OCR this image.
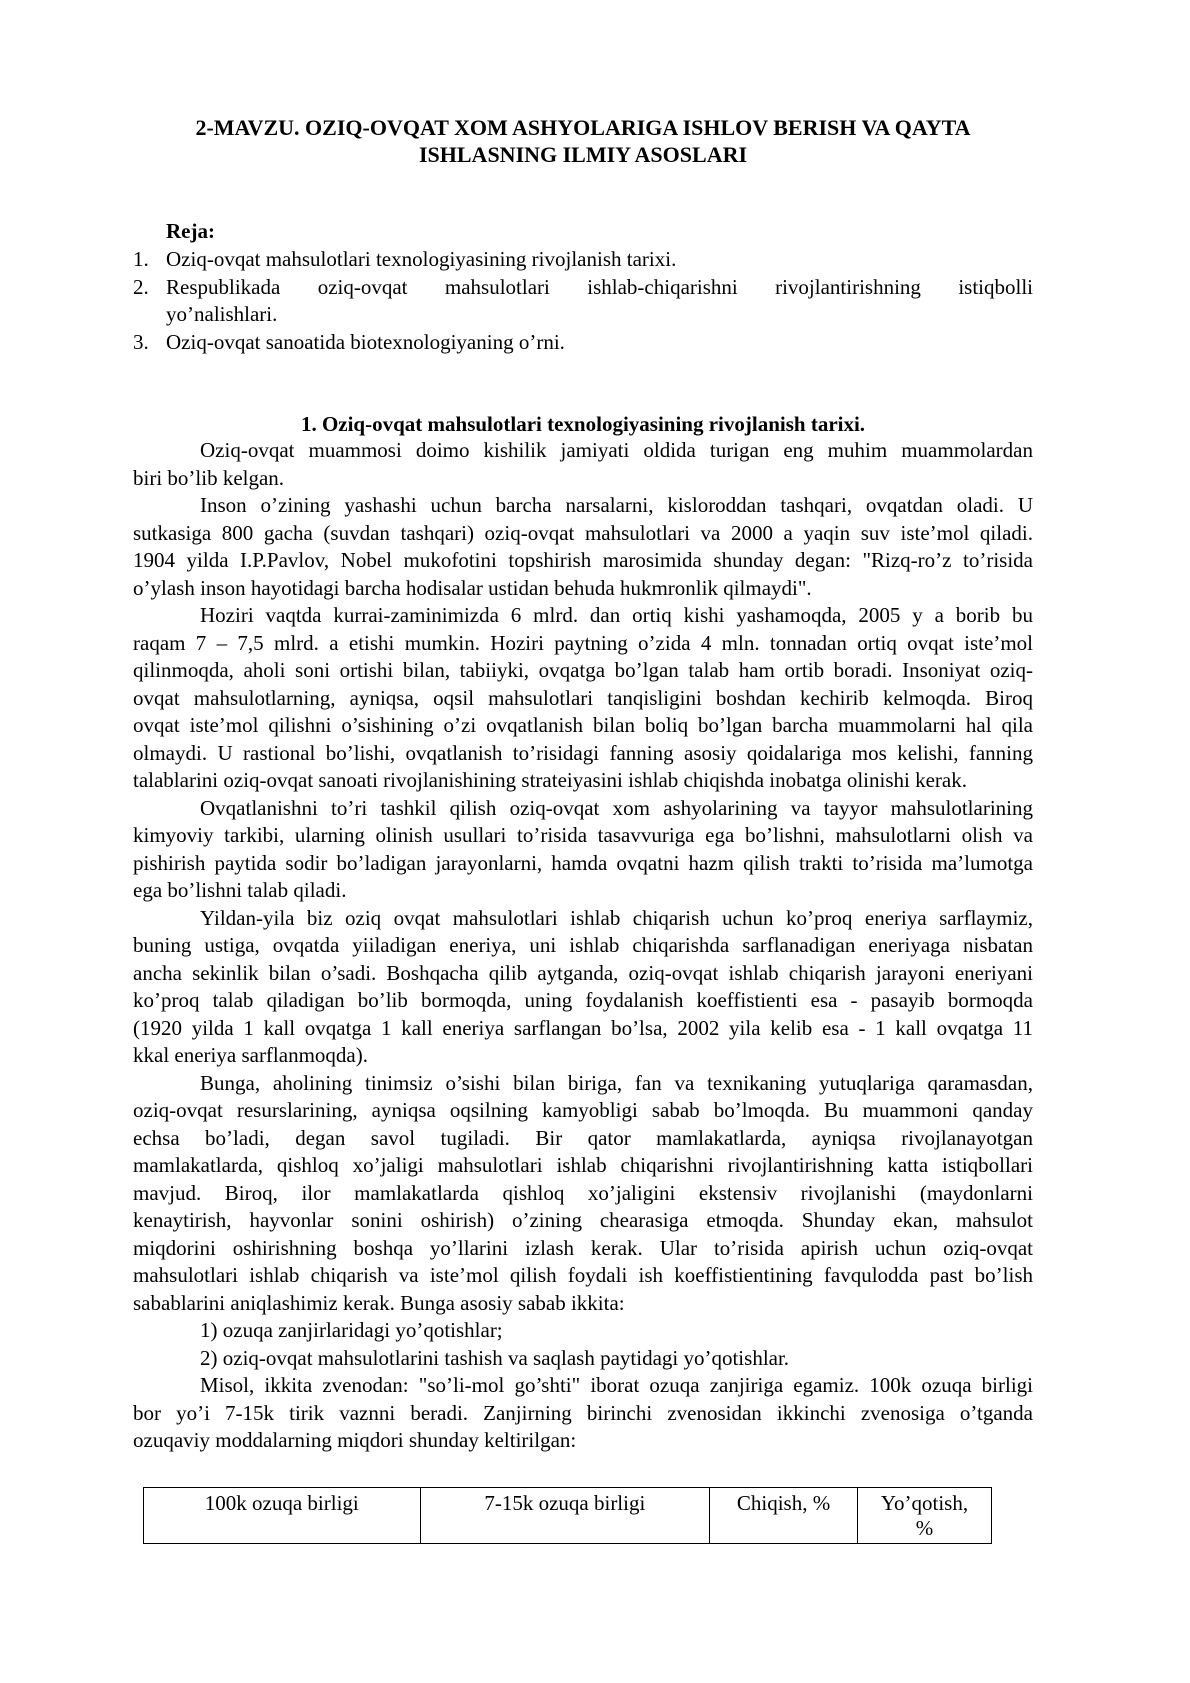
2-MAVZU. OZIQ-OVQAT XOM ASHYOLARIGA ISHLOV BERISH VA QAYTA
ISHLASNING ILMIY ASOSLARI
Reja:
1. Oziq-ovqat mahsulotlari texnologiyasining rivojlanish tarixi.
2. Respublikada oziq-ovqat mahsulotlari ishlab-chiqarishni rivojlantirishning istiqbolli
yo’nalishlari.
3. Oziq-ovqat sanoatida biotexnologiyaning o’rni.
1. Oziq-ovqat mahsulotlari texnologiyasining rivojlanish tarixi.
Oziq-ovqat muammosi doimo kishilik jamiyati oldida turigan eng muhim muammolardan
biri bo’lib kelgan.
Inson o’zining yashashi uchun barcha narsalarni, kisloroddan tashqari, ovqatdan oladi. U
sutkasiga 800 gacha (suvdan tashqari) oziq-ovqat mahsulotlari va 2000 a yaqin suv iste’mol qiladi.
1904 yilda I.P.Pavlov, Nobel mukofotini topshirish marosimida shunday degan: "Rizq-ro’z to’risida
o’ylash inson hayotidagi barcha hodisalar ustidan behuda hukmronlik qilmaydi".
Hoziri vaqtda kurrai-zaminimizda 6 mlrd. dan ortiq kishi yashamoqda, 2005 y a borib bu
raqam 7 – 7,5 mlrd. a etishi mumkin. Hoziri paytning o’zida 4 mln. tonnadan ortiq ovqat iste’mol
qilinmoqda, aholi soni ortishi bilan, tabiiyki, ovqatga bo’lgan talab ham ortib boradi. Insoniyat oziq-
ovqat mahsulotlarning, ayniqsa, oqsil mahsulotlari tanqisligini boshdan kechirib kelmoqda. Biroq
ovqat iste’mol qilishni o’sishining o’zi ovqatlanish bilan boliq bo’lgan barcha muammolarni hal qila
olmaydi. U rastional bo’lishi, ovqatlanish to’risidagi fanning asosiy qoidalariga mos kelishi, fanning
talablarini oziq-ovqat sanoati rivojlanishining strateiyasini ishlab chiqishda inobatga olinishi kerak.
Ovqatlanishni to’ri tashkil qilish oziq-ovqat xom ashyolarining va tayyor mahsulotlarining
kimyoviy tarkibi, ularning olinish usullari to’risida tasavvuriga ega bo’lishni, mahsulotlarni olish va
pishirish paytida sodir bo’ladigan jarayonlarni, hamda ovqatni hazm qilish trakti to’risida ma’lumotga
ega bo’lishni talab qiladi.
Yildan-yila biz oziq ovqat mahsulotlari ishlab chiqarish uchun ko’proq eneriya sarflaymiz,
buning ustiga, ovqatda yiiladigan eneriya, uni ishlab chiqarishda sarflanadigan eneriyaga nisbatan
ancha sekinlik bilan o’sadi. Boshqacha qilib aytganda, oziq-ovqat ishlab chiqarish jarayoni eneriyani
ko’proq talab qiladigan bo’lib bormoqda, uning foydalanish koeffistienti esa - pasayib bormoqda
(1920 yilda 1 kall ovqatga 1 kall eneriya sarflangan bo’lsa, 2002 yila kelib esa - 1 kall ovqatga 11
kkal eneriya sarflanmoqda).
Bunga, aholining tinimsiz o’sishi bilan biriga, fan va texnikaning yutuqlariga qaramasdan,
oziq-ovqat resurslarining, ayniqsa oqsilning kamyobligi sabab bo’lmoqda. Bu muammoni qanday
echsa bo’ladi, degan savol tugiladi. Bir qator mamlakatlarda, ayniqsa rivojlanayotgan
mamlakatlarda, qishloq xo’jaligi mahsulotlari ishlab chiqarishni rivojlantirishning katta istiqbollari
mavjud. Biroq, ilor mamlakatlarda qishloq xo’jaligini ekstensiv rivojlanishi (maydonlarni
kenaytirish, hayvonlar sonini oshirish) o’zining chearasiga etmoqda. Shunday ekan, mahsulot
miqdorini oshirishning boshqa yo’llarini izlash kerak. Ular to’risida apirish uchun oziq-ovqat
mahsulotlari ishlab chiqarish va iste’mol qilish foydali ish koeffistientining favqulodda past bo’lish
sabablarini aniqlashimiz kerak. Bunga asosiy sabab ikkita:
1) ozuqa zanjirlaridagi yo’qotishlar;
2) oziq-ovqat mahsulotlarini tashish va saqlash paytidagi yo’qotishlar.
Misol, ikkita zvenodan: "so’li-mol go’shti" iborat ozuqa zanjiriga egamiz. 100k ozuqa birligi
bor yo’i 7-15k tirik vaznni beradi. Zanjirning birinchi zvenosidan ikkinchi zvenosiga o’tganda
ozuqaviy moddalarning miqdori shunday keltirilgan:
100k ozuqa birligi	7-15k ozuqa birligi	Chiqish, %	Yo’qotish, %
